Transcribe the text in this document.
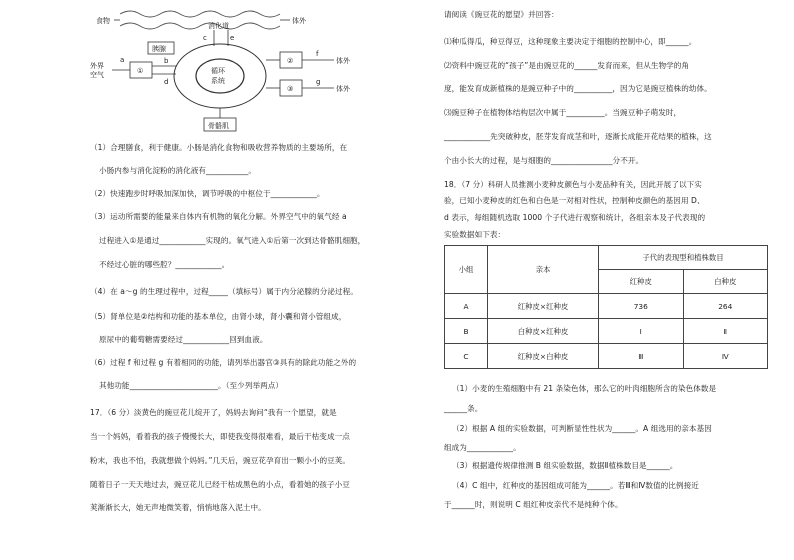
食物	体外
消化道
胰腺
循环
系统
e
c
①
外界
空气
a	b
d
②
③
f
g
体外
体外
骨骼肌
（1）合理膳食，利于健康。小肠是消化食物和吸收营养物质的主要场所，在
小肠内参与消化淀粉的消化液有___________。
（2）快速跑步时呼吸加深加快，调节呼吸的中枢位于____________。
（3）运动所需要的能量来自体内有机物的氧化分解。外界空气中的氧气经 a
过程进入①是通过____________实现的。氧气进入①后第一次到达骨骼肌细胞，
不经过心脏的哪些腔？____________。
（4）在 a～g 的生理过程中，过程_____（填标号）属于内分泌腺的分泌过程。
（5）肾单位是②结构和功能的基本单位，由肾小球，肾小囊和肾小管组成，
原尿中的葡萄糖需要经过____________回到血液。
（6）过程 f 和过程 g 有着相同的功能，请列举出器官③具有的除此功能之外的
其他功能_______________________。（至少列举两点）
17．（6 分）淡黄色的豌豆花儿绽开了，妈妈去询问“我有一个愿望，就是
当一个妈妈，看着我的孩子慢慢长大，即使我变得很难看，最后干枯变成一点
粉末，我也不怕，我就想做个妈妈。”几天后，豌豆花孕育出一颗小小的豆荚。
随着日子一天天地过去，豌豆花儿已经干枯成黑色的小点，看着她的孩子小豆
荚渐渐长大，她无声地微笑着，悄悄地落入泥土中。
请阅读《豌豆花的愿望》并回答：
⑴种瓜得瓜，种豆得豆，这种现象主要决定于细胞的控制中心，即______。
⑵资料中豌豆花的“孩子”是由豌豆花的______发育而来，但从生物学的角
度，能发育成新植株的是豌豆种子中的__________，因为它是豌豆植株的幼体。
⑶豌豆种子在植物体结构层次中属于__________。当豌豆种子萌发时，
____________先突破种皮，胚芽发育成茎和叶，逐渐长成能开花结果的植株，这
个由小长大的过程，是与细胞的________________分不开。
18．（7 分）科研人员推测小麦种皮颜色与小麦品种有关，因此开展了以下实
验，已知小麦种皮的红色和白色是一对相对性状，控制种皮颜色的基因用 D、
d 表示，每组随机选取 1000 个子代进行观察和统计，各组亲本及子代表现的
实验数据如下表：
小组	亲本	子代的表现型和植株数目	
		红种皮	白种皮
A	红种皮×红种皮	736	264
B	白种皮×红种皮	Ⅰ	Ⅱ
C	红种皮×白种皮	Ⅲ	Ⅳ
（1）小麦的生殖细胞中有 21 条染色体，那么它的叶肉细胞所含的染色体数是
______条。
（2）根据 A 组的实验数据，可判断显性性状为______。A 组选用的亲本基因
组成为____________。
（3）根据遗传规律推测 B 组实验数据，数据Ⅱ植株数目是______。
（4）C 组中，红种皮的基因组成可能为______。若Ⅲ和Ⅳ数值的比例接近
于______时，则说明 C 组红种皮亲代不是纯种个体。
